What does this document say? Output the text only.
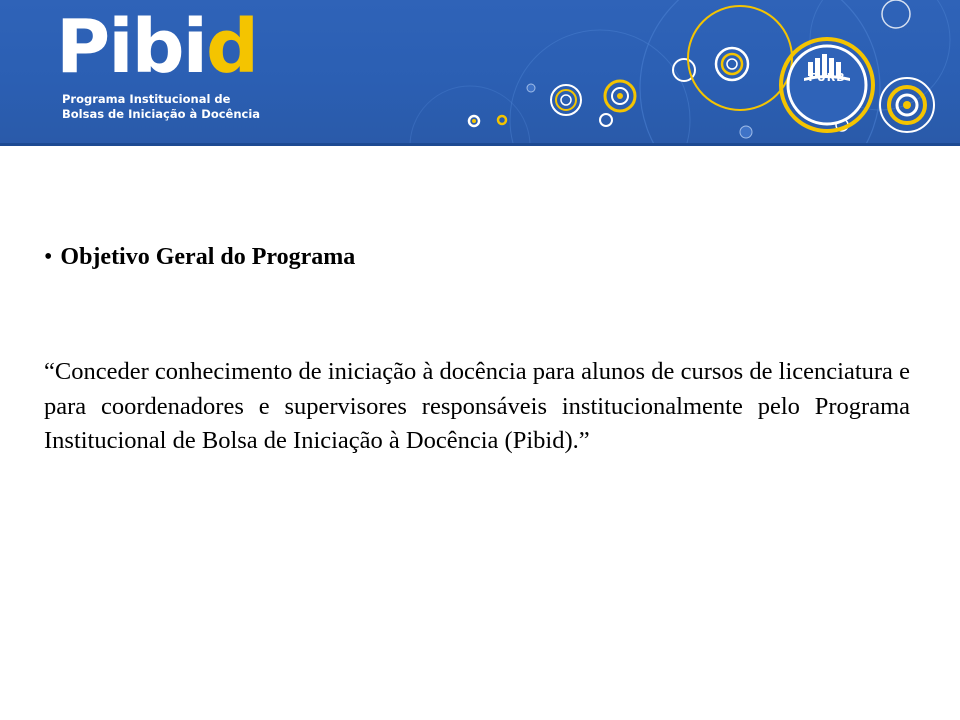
Pibid
Programa Institucional de
Bolsas de Iniciação à Docência
FURB
• Objetivo Geral do Programa
“Conceder conhecimento de iniciação à docência para alunos de cursos de licenciatura e para coordenadores e supervisores responsáveis institucionalmente pelo Programa Institucional de Bolsa de Iniciação à Docência (Pibid).”
